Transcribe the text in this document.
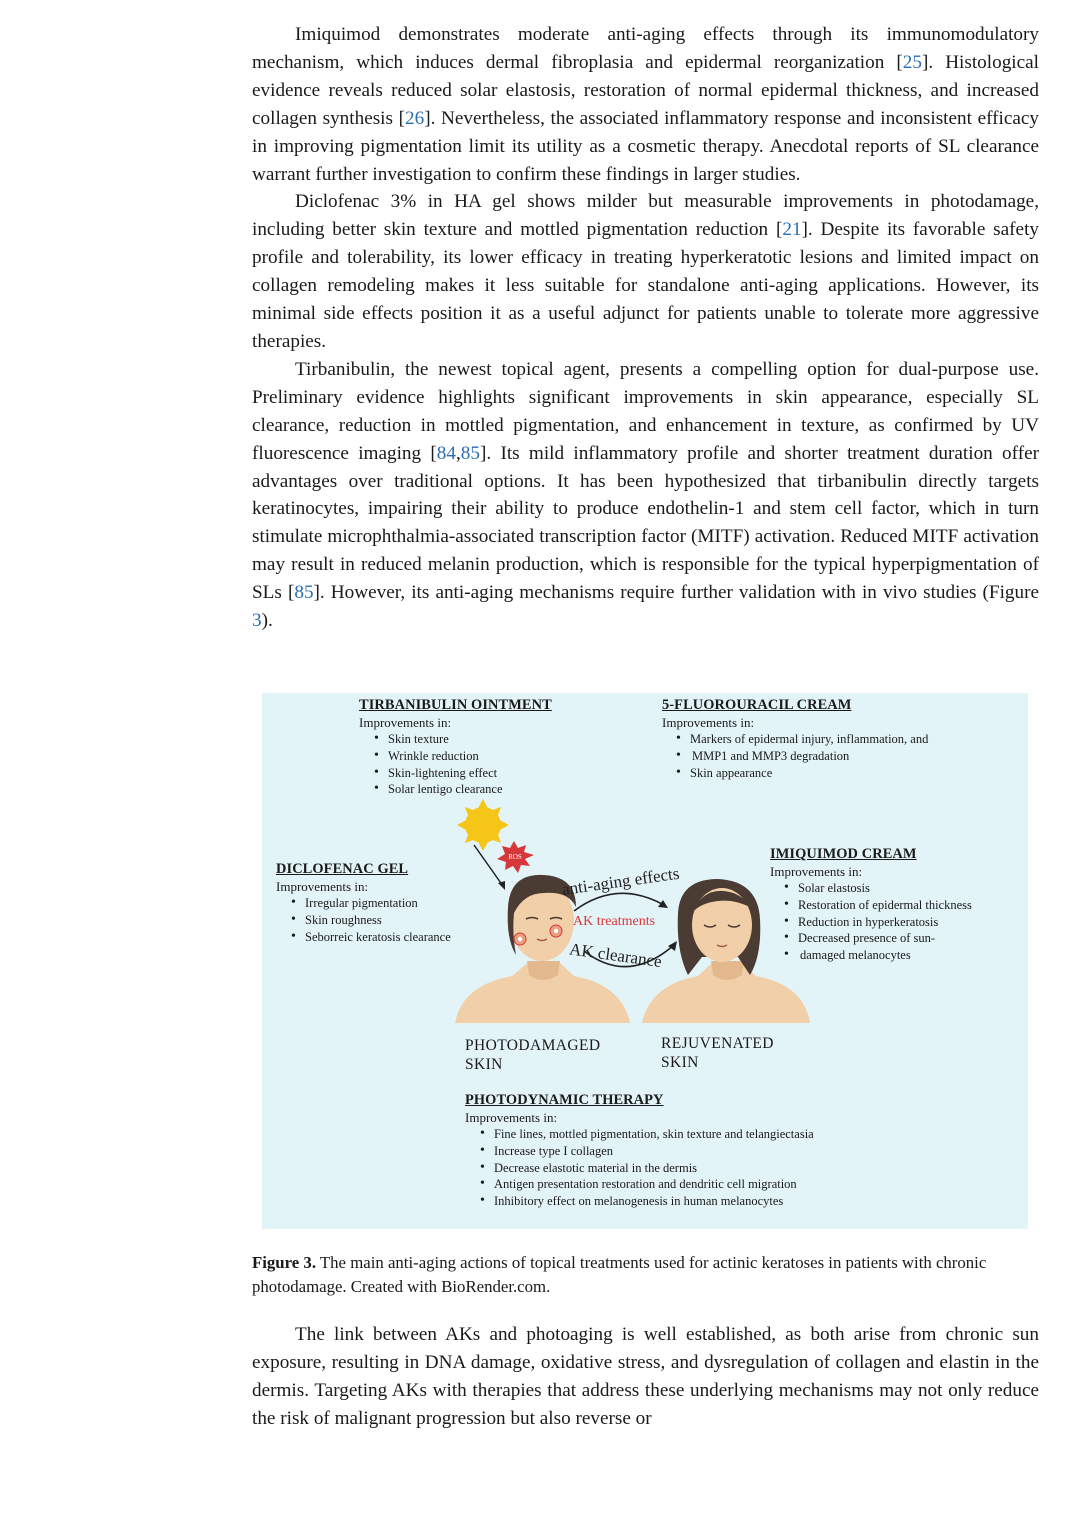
Imiquimod demonstrates moderate anti-aging effects through its immunomodulatory mechanism, which induces dermal fibroplasia and epidermal reorganization [25]. Histological evidence reveals reduced solar elastosis, restoration of normal epidermal thickness, and increased collagen synthesis [26]. Nevertheless, the associated inflammatory response and inconsistent efficacy in improving pigmentation limit its utility as a cosmetic therapy. Anecdotal reports of SL clearance warrant further investigation to confirm these findings in larger studies.

Diclofenac 3% in HA gel shows milder but measurable improvements in photodamage, including better skin texture and mottled pigmentation reduction [21]. Despite its favorable safety profile and tolerability, its lower efficacy in treating hyperkeratotic lesions and limited impact on collagen remodeling makes it less suitable for standalone anti-aging applications. However, its minimal side effects position it as a useful adjunct for patients unable to tolerate more aggressive therapies.

Tirbanibulin, the newest topical agent, presents a compelling option for dual-purpose use. Preliminary evidence highlights significant improvements in skin appearance, especially SL clearance, reduction in mottled pigmentation, and enhancement in texture, as confirmed by UV fluorescence imaging [84,85]. Its mild inflammatory profile and shorter treatment duration offer advantages over traditional options. It has been hypothesized that tirbanibulin directly targets keratinocytes, impairing their ability to produce endothelin-1 and stem cell factor, which in turn stimulate microphthalmia-associated transcription factor (MITF) activation. Reduced MITF activation may result in reduced melanin production, which is responsible for the typical hyperpigmentation of SLs [85]. However, its anti-aging mechanisms require further validation with in vivo studies (Figure 3).

ROS
anti-aging effects
AK treatments
AK clearance
TIRBANIBULIN OINTMENT
Improvements in:
• Skin texture
• Wrinkle reduction
• Skin-lightening effect
• Solar lentigo clearance
5-FLUOROURACIL CREAM
Improvements in:
• Markers of epidermal injury, inflammation, and
• MMP1 and MMP3 degradation
• Skin appearance
DICLOFENAC GEL
Improvements in:
• Irregular pigmentation
• Skin roughness
• Seborreic keratosis clearance
IMIQUIMOD CREAM
Improvements in:
• Solar elastosis
• Restoration of epidermal thickness
• Reduction in hyperkeratosis
• Decreased presence of sun-
• damaged melanocytes
PHOTODAMAGED
SKIN
REJUVENATED
SKIN
PHOTODYNAMIC THERAPY
Improvements in:
• Fine lines, mottled pigmentation, skin texture and telangiectasia
• Increase type I collagen
• Decrease elastotic material in the dermis
• Antigen presentation restoration and dendritic cell migration
• Inhibitory effect on melanogenesis in human melanocytes

Figure 3. The main anti-aging actions of topical treatments used for actinic keratoses in patients with chronic photodamage. Created with BioRender.com.

The link between AKs and photoaging is well established, as both arise from chronic sun exposure, resulting in DNA damage, oxidative stress, and dysregulation of collagen and elastin in the dermis. Targeting AKs with therapies that address these underlying mechanisms may not only reduce the risk of malignant progression but also reverse or
